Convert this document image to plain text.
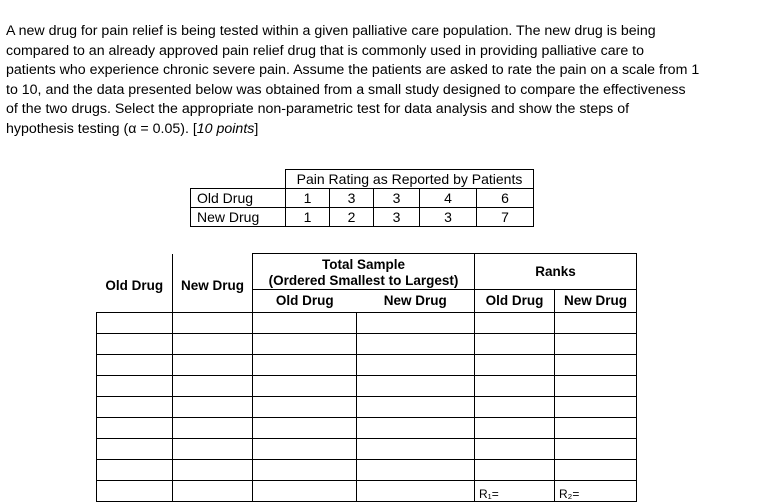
A new drug for pain relief is being tested within a given palliative care population. The new drug is being

compared to an already approved pain relief drug that is commonly used in providing palliative care to

patients who experience chronic severe pain. Assume the patients are asked to rate the pain on a scale from 1

to 10, and the data presented below was obtained from a small study designed to compare the effectiveness

of the two drugs. Select the appropriate non-parametric test for data analysis and show the steps of

hypothesis testing (α = 0.05). [10 points]

	Pain Rating as Reported by Patients				
Old Drug	1	3	3	4	6
New Drug	1	2	3	3	7
Old Drug	New Drug	Total Sample		Ranks	
		(Ordered Smallest to Largest)			
		Old Drug	New Drug	Old Drug	New Drug

				R₁=	R₂=
